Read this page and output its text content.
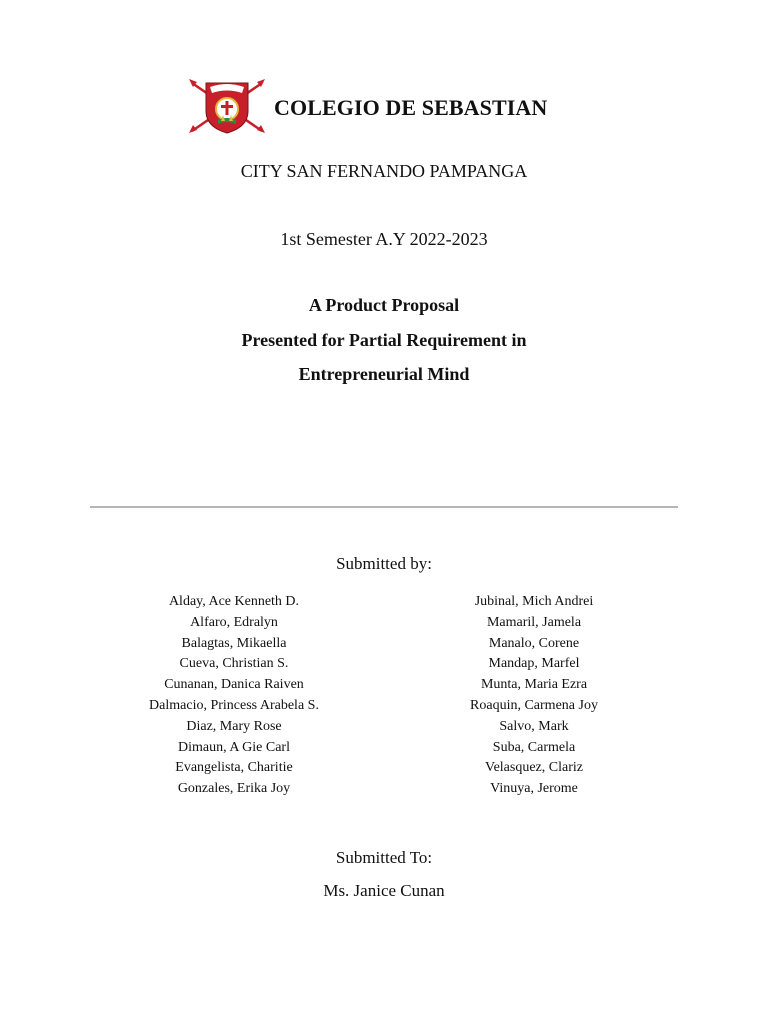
COLEGIO DE SEBASTIAN
CITY SAN FERNANDO PAMPANGA
1st Semester A.Y 2022-2023
A Product Proposal
Presented for Partial Requirement in
Entrepreneurial Mind
Submitted by:
Alday, Ace Kenneth D.
Alfaro, Edralyn
Balagtas, Mikaella
Cueva, Christian S.
Cunanan, Danica Raiven
Dalmacio, Princess Arabela S.
Diaz, Mary Rose
Dimaun, A Gie Carl
Evangelista, Charitie
Gonzales, Erika Joy
Jubinal, Mich Andrei
Mamaril, Jamela
Manalo, Corene
Mandap, Marfel
Munta, Maria Ezra
Roaquin, Carmena Joy
Salvo, Mark
Suba, Carmela
Velasquez, Clariz
Vinuya, Jerome
Submitted To:
Ms. Janice Cunan
